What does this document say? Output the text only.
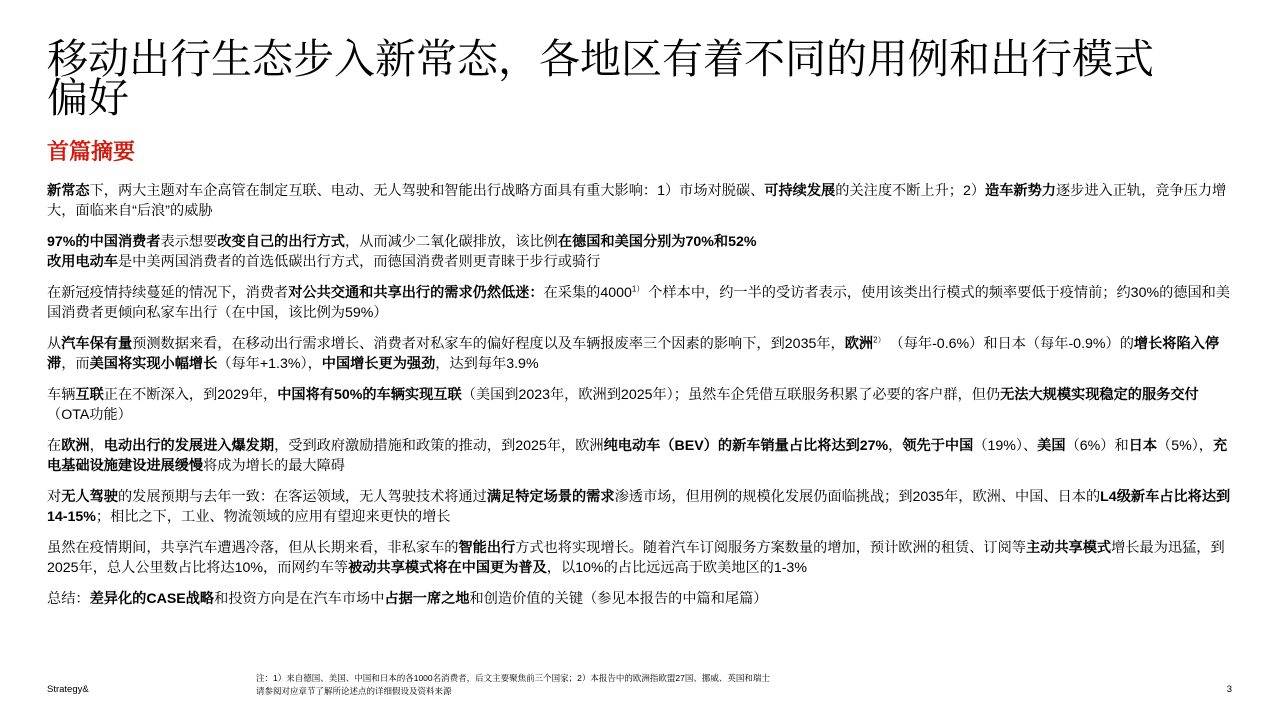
移动出行生态步入新常态，各地区有着不同的用例和出行模式
偏好
首篇摘要

新常态下，两大主题对车企高管在制定互联、电动、无人驾驶和智能出行战略方面具有重大影响：1）市场对脱碳、可持续发展的关注度不断上升；2）造车新势力逐步进入正轨，竞争压力增大，面临来自“后浪”的威胁

97%的中国消费者表示想要改变自己的出行方式，从而减少二氧化碳排放，该比例在德国和美国分别为70%和52%
改用电动车是中美两国消费者的首选低碳出行方式，而德国消费者则更青睐于步行或骑行

在新冠疫情持续蔓延的情况下，消费者对公共交通和共享出行的需求仍然低迷：在采集的$4000^{1)}$ 个样本中，约一半的受访者表示，使用该类出行模式的频率要低于疫情前；约30%的德国和美国消费者更倾向私家车出行（在中国，该比例为59%）

从汽车保有量预测数据来看，在移动出行需求增长、消费者对私家车的偏好程度以及车辆报废率三个因素的影响下，到2035年，欧洲$^{2)}$ （每年-0.6%）和日本（每年-0.9%）的增长将陷入停滞，而美国将实现小幅增长（每年+1.3%），中国增长更为强劲，达到每年3.9%

车辆互联正在不断深入，到2029年，中国将有50%的车辆实现互联（美国到2023年，欧洲到2025年）；虽然车企凭借互联服务积累了必要的客户群，但仍无法大规模实现稳定的服务交付（OTA功能）

在欧洲，电动出行的发展进入爆发期，受到政府激励措施和政策的推动，到2025年，欧洲纯电动车（BEV）的新车销量占比将达到27%，领先于中国（19%）、美国（6%）和日本（5%），充电基础设施建设进展缓慢将成为增长的最大障碍

对无人驾驶的发展预期与去年一致：在客运领域，无人驾驶技术将通过满足特定场景的需求渗透市场，但用例的规模化发展仍面临挑战；到2035年，欧洲、中国、日本的L4级新车占比将达到14-15%；相比之下，工业、物流领域的应用有望迎来更快的增长

虽然在疫情期间，共享汽车遭遇冷落，但从长期来看，非私家车的智能出行方式也将实现增长。随着汽车订阅服务方案数量的增加，预计欧洲的租赁、订阅等主动共享模式增长最为迅猛，到2025年，总人公里数占比将达10%，而网约车等被动共享模式将在中国更为普及，以10%的占比远远高于欧美地区的1-3%

总结：差异化的CASE战略和投资方向是在汽车市场中占据一席之地和创造价值的关键（参见本报告的中篇和尾篇）

Strategy&
注：1）来自德国、美国、中国和日本的各1000名消费者，后文主要聚焦前三个国家；2）本报告中的欧洲指欧盟27国、挪威、英国和瑞士
请参阅对应章节了解所论述点的详细假设及资料来源	3
